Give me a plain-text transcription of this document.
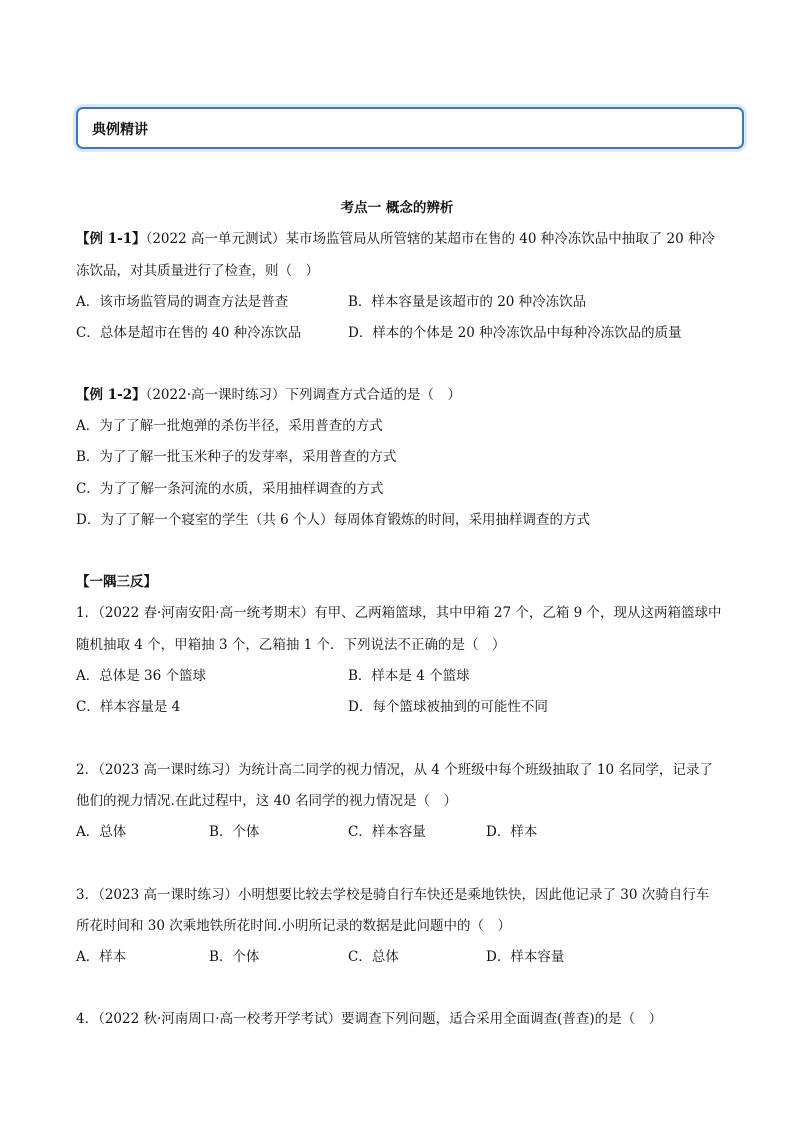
典例精讲
考点一 概念的辨析
【例 1-1】（2022 高一单元测试）某市场监管局从所管辖的某超市在售的 40 种冷冻饮品中抽取了 20 种冷
冻饮品，对其质量进行了检查，则（　）
A．该市场监管局的调查方法是普查	B．样本容量是该超市的 20 种冷冻饮品
C．总体是超市在售的 40 种冷冻饮品	D．样本的个体是 20 种冷冻饮品中每种冷冻饮品的质量
【例 1-2】（2022·高一课时练习）下列调查方式合适的是（　）
A．为了了解一批炮弹的杀伤半径，采用普查的方式
B．为了了解一批玉米种子的发芽率，采用普查的方式
C．为了了解一条河流的水质，采用抽样调查的方式
D．为了了解一个寝室的学生（共 6 个人）每周体育锻炼的时间，采用抽样调查的方式
【一隅三反】
1．（2022 春·河南安阳·高一统考期末）有甲、乙两箱篮球，其中甲箱 27 个，乙箱 9 个，现从这两箱篮球中
随机抽取 4 个，甲箱抽 3 个，乙箱抽 1 个．下列说法不正确的是（　）
A．总体是 36 个篮球	B．样本是 4 个篮球
C．样本容量是 4	D．每个篮球被抽到的可能性不同
2．（2023 高一课时练习）为统计高二同学的视力情况，从 4 个班级中每个班级抽取了 10 名同学，记录了
他们的视力情况.在此过程中，这 40 名同学的视力情况是（　）
A．总体	B．个体	C．样本容量	D．样本
3．（2023 高一课时练习）小明想要比较去学校是骑自行车快还是乘地铁快，因此他记录了 30 次骑自行车
所花时间和 30 次乘地铁所花时间.小明所记录的数据是此问题中的（　）
A．样本	B．个体	C．总体	D．样本容量
4．（2022 秋·河南周口·高一校考开学考试）要调查下列问题，适合采用全面调查(普查)的是（　）
